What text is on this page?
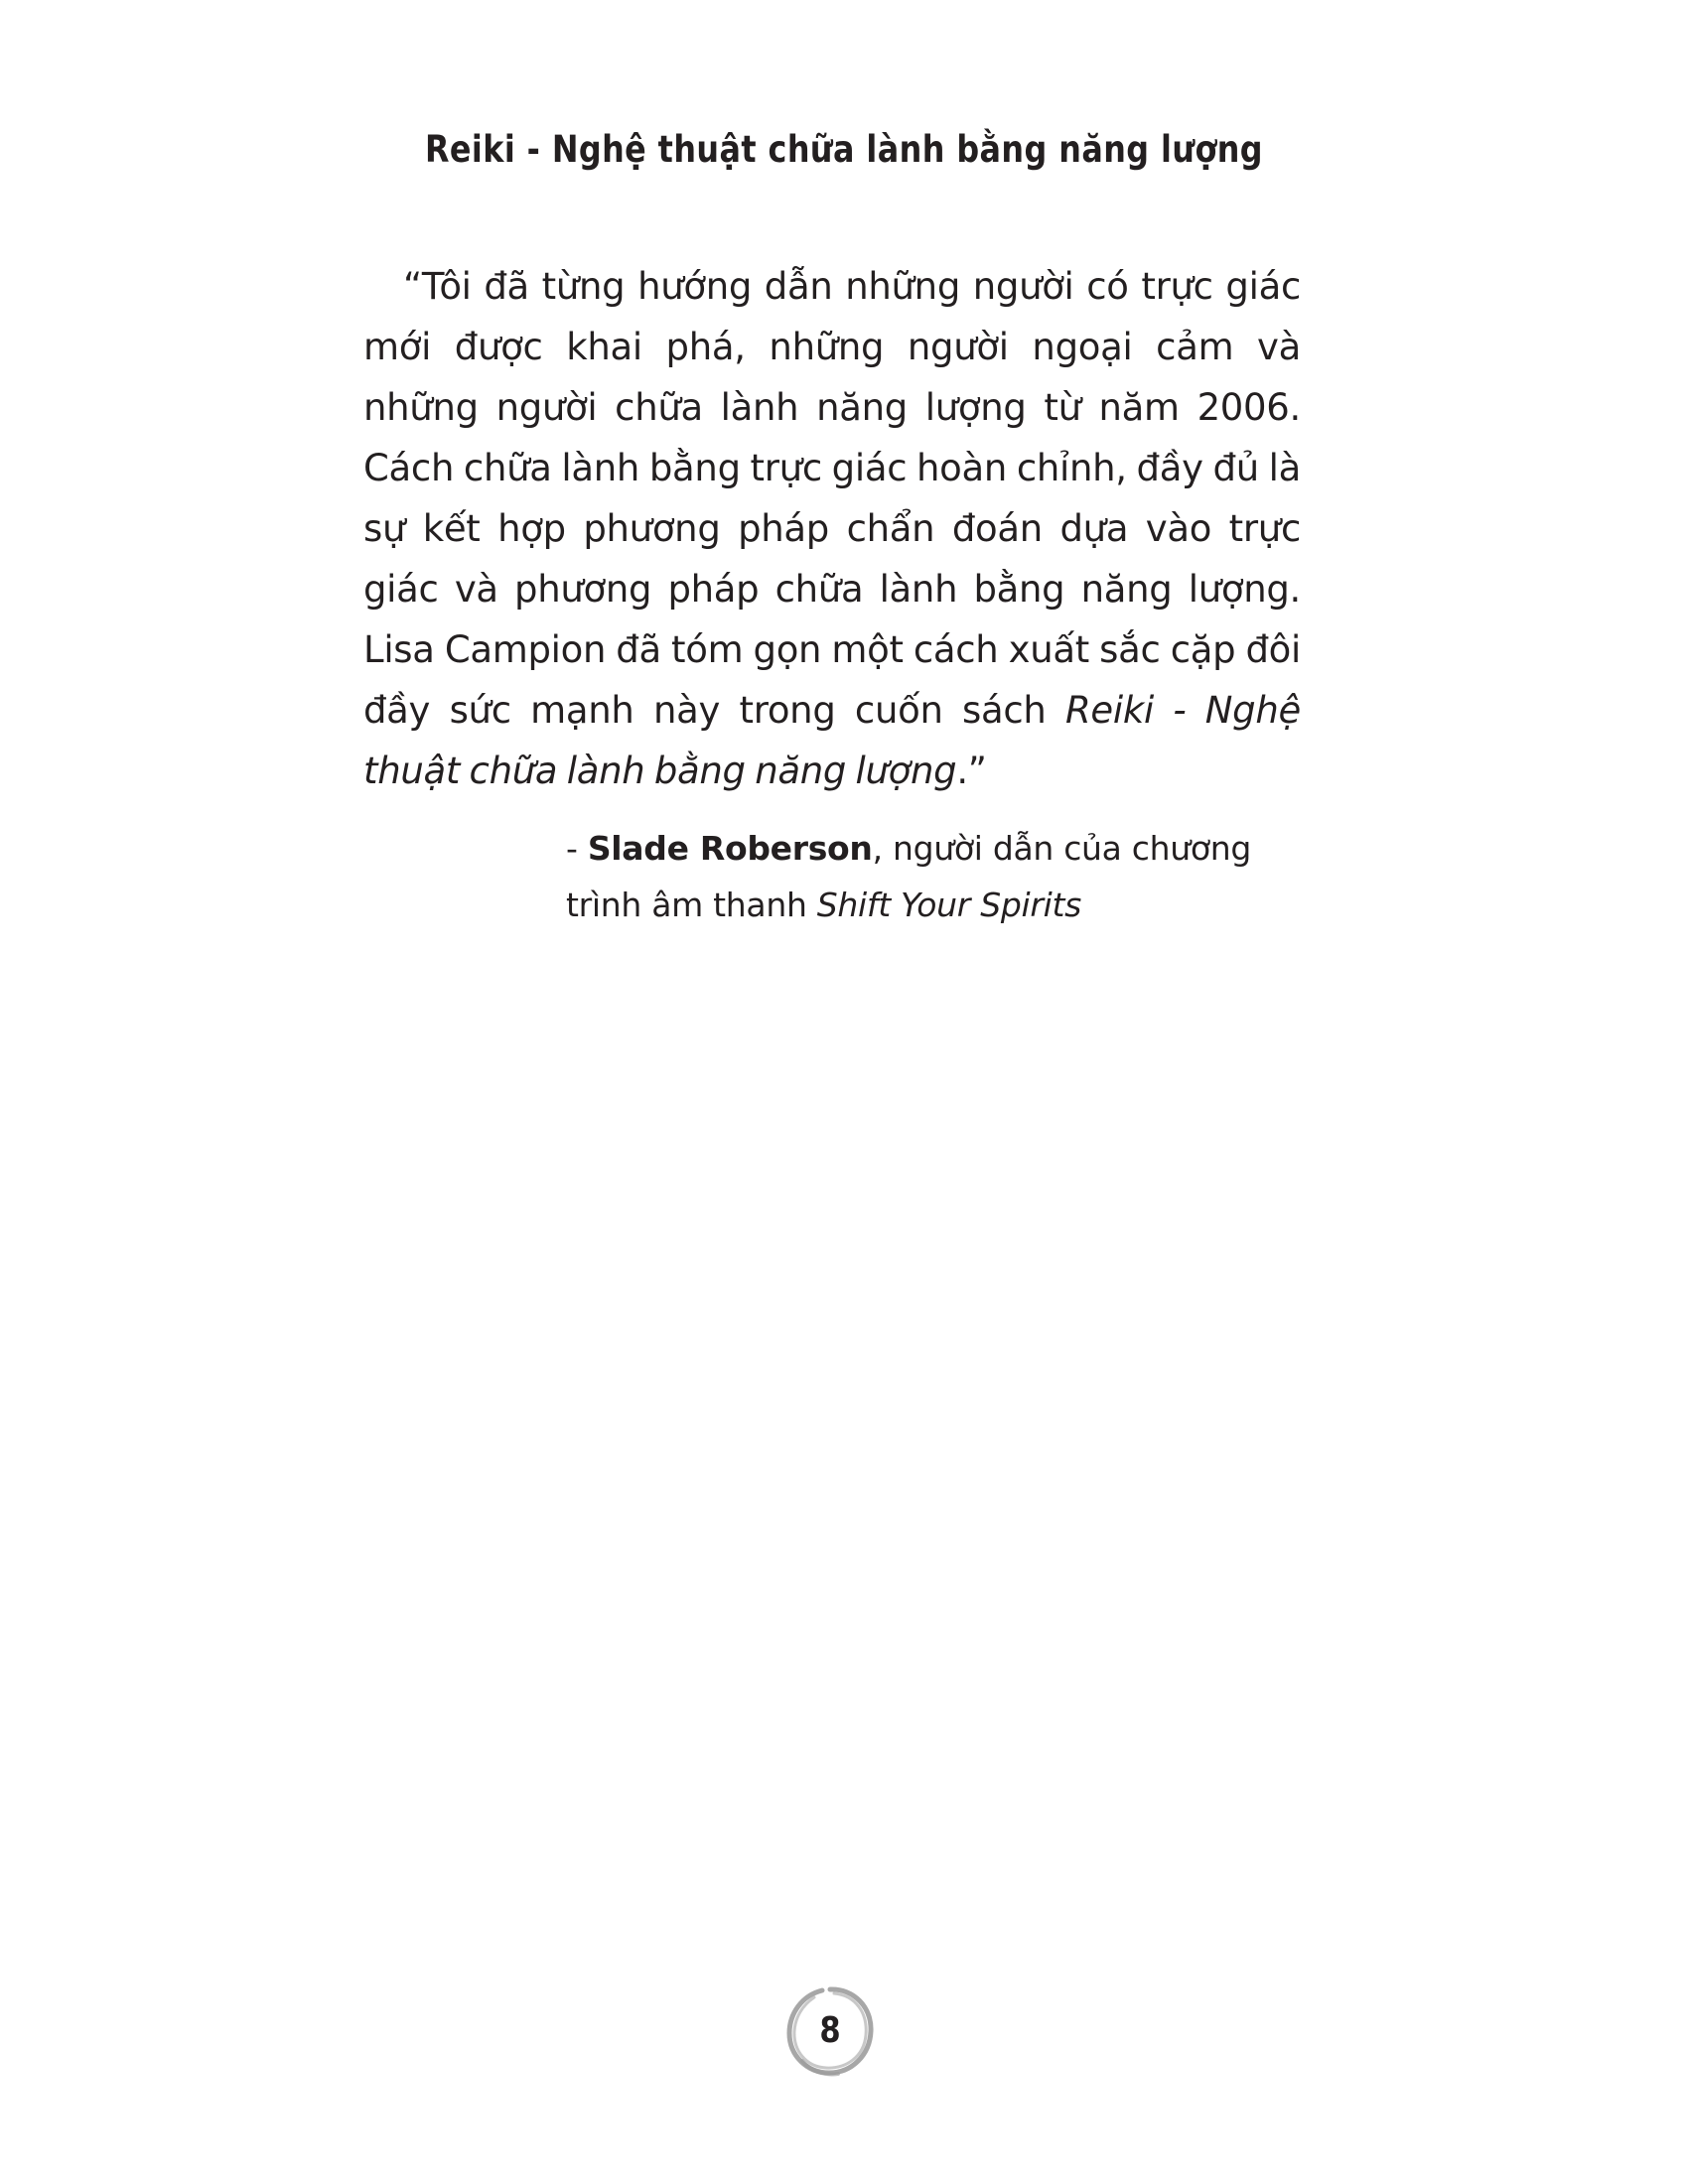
Reiki - Nghệ thuật chữa lành bằng năng lượng

“Tôi đã từng hướng dẫn những người có trực giác mới được khai phá, những người ngoại cảm và những người chữa lành năng lượng từ năm 2006. Cách chữa lành bằng trực giác hoàn chỉnh, đầy đủ là sự kết hợp phương pháp chẩn đoán dựa vào trực giác và phương pháp chữa lành bằng năng lượng. Lisa Campion đã tóm gọn một cách xuất sắc cặp đôi đầy sức mạnh này trong cuốn sách Reiki - Nghệ thuật chữa lành bằng năng lượng.”

- Slade Roberson, người dẫn của chương trình âm thanh Shift Your Spirits
8
